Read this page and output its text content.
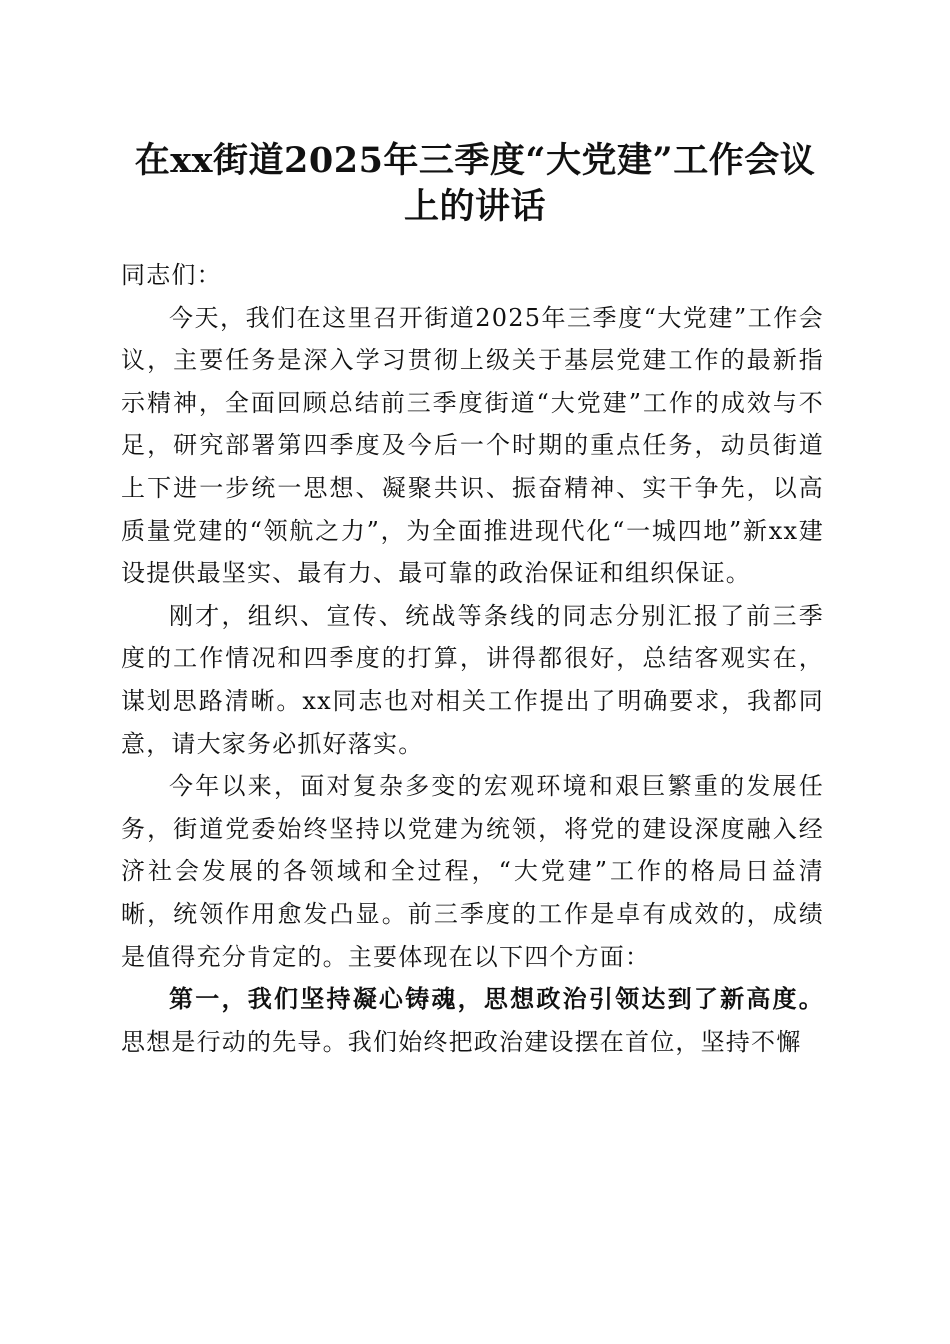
在xx街道2025年三季度“大党建”工作会议
上的讲话

同志们：

今天，我们在这里召开街道2025年三季度“大党建”工作会议，主要任务是深入学习贯彻上级关于基层党建工作的最新指示精神，全面回顾总结前三季度街道“大党建”工作的成效与不足，研究部署第四季度及今后一个时期的重点任务，动员街道上下进一步统一思想、凝聚共识、振奋精神、实干争先，以高质量党建的“领航之力”，为全面推进现代化“一城四地”新xx建设提供最坚实、最有力、最可靠的政治保证和组织保证。

刚才，组织、宣传、统战等条线的同志分别汇报了前三季度的工作情况和四季度的打算，讲得都很好，总结客观实在，谋划思路清晰。xx同志也对相关工作提出了明确要求，我都同意，请大家务必抓好落实。

今年以来，面对复杂多变的宏观环境和艰巨繁重的发展任务，街道党委始终坚持以党建为统领，将党的建设深度融入经济社会发展的各领域和全过程，“大党建”工作的格局日益清晰，统领作用愈发凸显。前三季度的工作是卓有成效的，成绩是值得充分肯定的。主要体现在以下四个方面：

第一，我们坚持凝心铸魂，思想政治引领达到了新高度。思想是行动的先导。我们始终把政治建设摆在首位，坚持不懈
